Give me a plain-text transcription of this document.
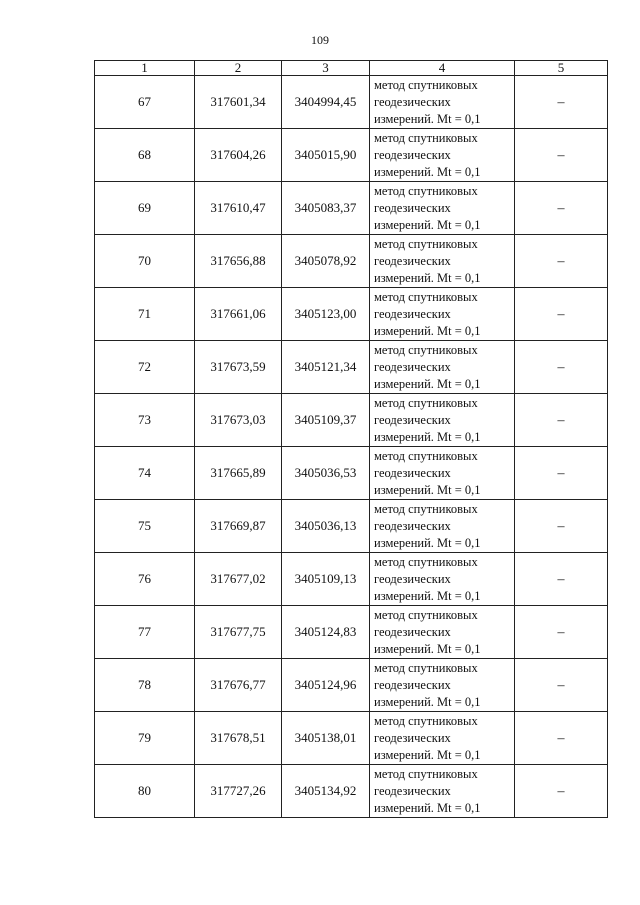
109
1	2	3	4	5
67	317601,34	3404994,45	метод спутниковых
геодезических
измерений. Mt = 0,1	–
68	317604,26	3405015,90	метод спутниковых
геодезических
измерений. Mt = 0,1	–
69	317610,47	3405083,37	метод спутниковых
геодезических
измерений. Mt = 0,1	–
70	317656,88	3405078,92	метод спутниковых
геодезических
измерений. Mt = 0,1	–
71	317661,06	3405123,00	метод спутниковых
геодезических
измерений. Mt = 0,1	–
72	317673,59	3405121,34	метод спутниковых
геодезических
измерений. Mt = 0,1	–
73	317673,03	3405109,37	метод спутниковых
геодезических
измерений. Mt = 0,1	–
74	317665,89	3405036,53	метод спутниковых
геодезических
измерений. Mt = 0,1	–
75	317669,87	3405036,13	метод спутниковых
геодезических
измерений. Mt = 0,1	–
76	317677,02	3405109,13	метод спутниковых
геодезических
измерений. Mt = 0,1	–
77	317677,75	3405124,83	метод спутниковых
геодезических
измерений. Mt = 0,1	–
78	317676,77	3405124,96	метод спутниковых
геодезических
измерений. Mt = 0,1	–
79	317678,51	3405138,01	метод спутниковых
геодезических
измерений. Mt = 0,1	–
80	317727,26	3405134,92	метод спутниковых
геодезических
измерений. Mt = 0,1	–
